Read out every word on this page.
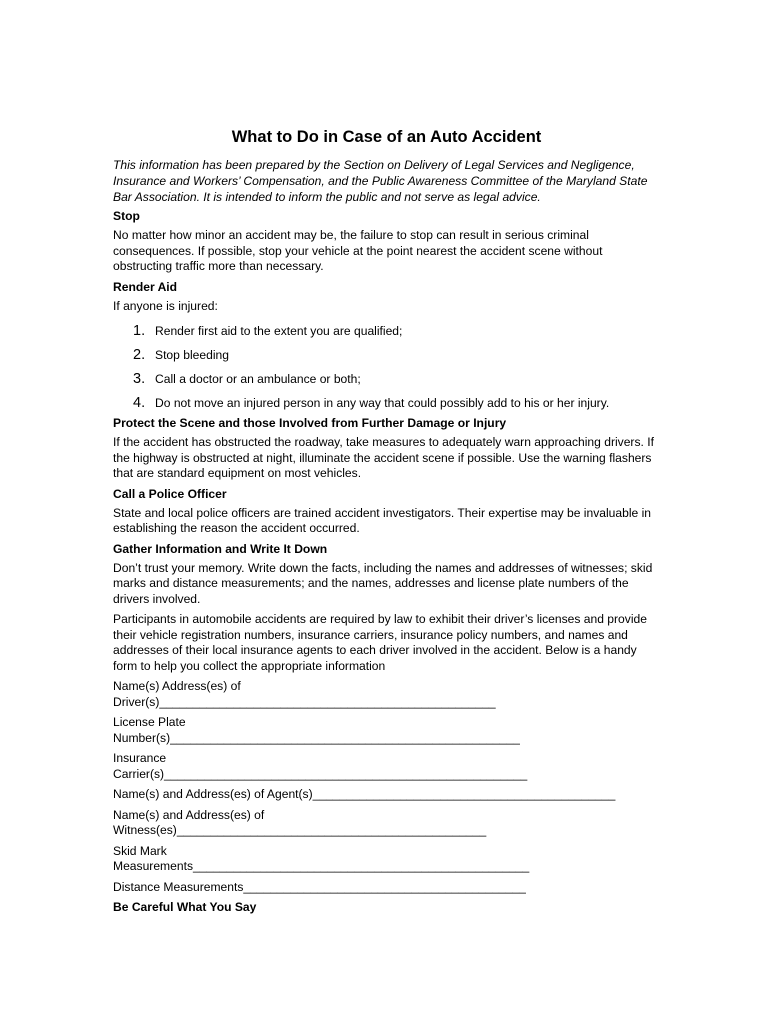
What to Do in Case of an Auto Accident

This information has been prepared by the Section on Delivery of Legal Services and Negligence, Insurance and Workers’ Compensation, and the Public Awareness Committee of the Maryland State Bar Association. It is intended to inform the public and not serve as legal advice.

Stop

No matter how minor an accident may be, the failure to stop can result in serious criminal consequences. If possible, stop your vehicle at the point nearest the accident scene without obstructing traffic more than necessary.

Render Aid

If anyone is injured:

1. Render first aid to the extent you are qualified;
2. Stop bleeding
3. Call a doctor or an ambulance or both;
4. Do not move an injured person in any way that could possibly add to his or her injury.
Protect the Scene and those Involved from Further Damage or Injury

If the accident has obstructed the roadway, take measures to adequately warn approaching drivers. If the highway is obstructed at night, illuminate the accident scene if possible. Use the warning flashers that are standard equipment on most vehicles.

Call a Police Officer

State and local police officers are trained accident investigators. Their expertise may be invaluable in establishing the reason the accident occurred.

Gather Information and Write It Down

Don’t trust your memory. Write down the facts, including the names and addresses of witnesses; skid marks and distance measurements; and the names, addresses and license plate numbers of the drivers involved.

Participants in automobile accidents are required by law to exhibit their driver’s licenses and provide their vehicle registration numbers, insurance carriers, insurance policy numbers, and names and addresses of their local insurance agents to each driver involved in the accident. Below is a handy form to help you collect the appropriate information

Name(s) Address(es) of
Driver(s)__________________________________________________
License Plate
Number(s)____________________________________________________
Insurance
Carrier(s)______________________________________________________
Name(s) and Address(es) of Agent(s)_____________________________________________
Name(s) and Address(es) of
Witness(es)______________________________________________
Skid Mark
Measurements__________________________________________________
Distance Measurements__________________________________________
Be Careful What You Say
